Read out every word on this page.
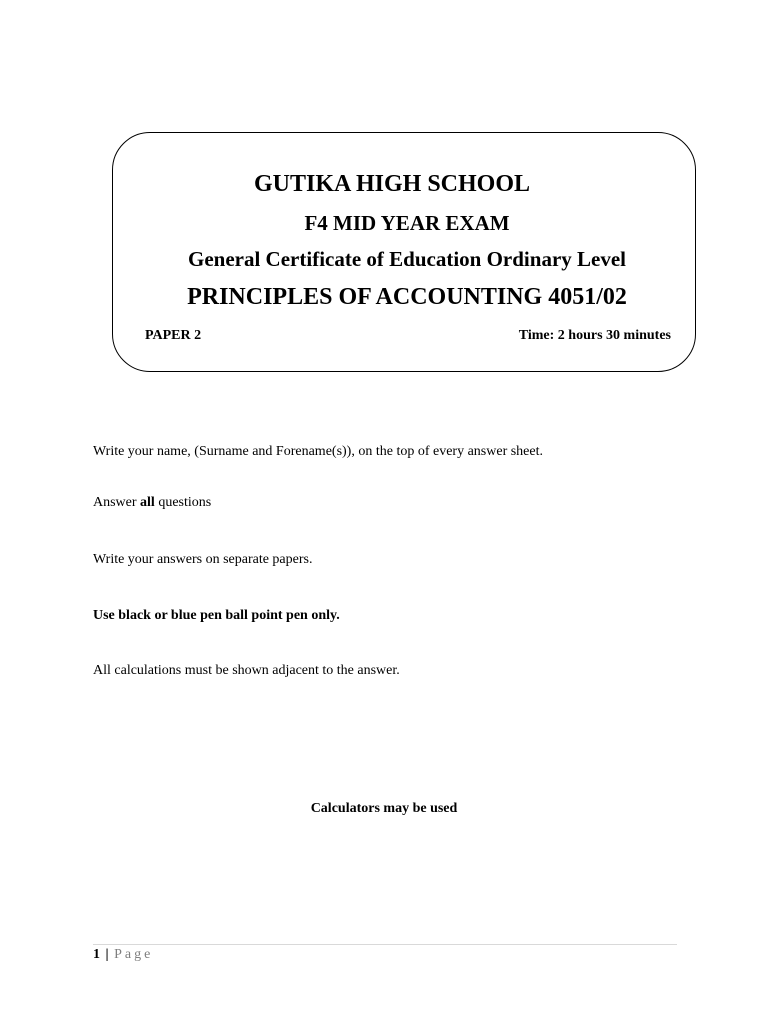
GUTIKA HIGH SCHOOL
F4 MID YEAR EXAM
General Certificate of Education Ordinary Level
PRINCIPLES OF ACCOUNTING 4051/02
PAPER 2	Time: 2 hours 30 minutes
Write your name, (Surname and Forename(s)), on the top of every answer sheet.
Answer all questions
Write your answers on separate papers.
Use black or blue pen ball point pen only.
All calculations must be shown adjacent to the answer.
Calculators may be used
1 | Page
